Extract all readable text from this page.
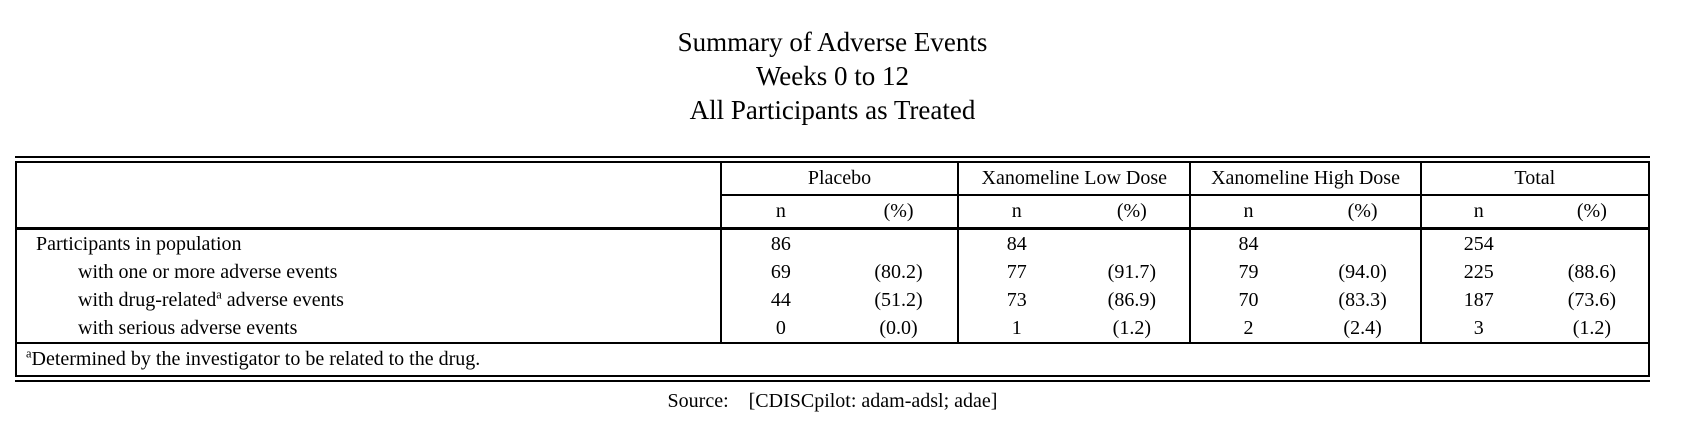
Summary of Adverse Events
Weeks 0 to 12
All Participants as Treated
	Placebo		Xanomeline Low Dose		Xanomeline High Dose		Total	
	n	(%)	n	(%)	n	(%)	n	(%)
Participants in population	86		84		84		254	
with one or more adverse events	69	(80.2)	77	(91.7)	79	(94.0)	225	(88.6)
with drug-related$^a$ adverse events	44	(51.2)	73	(86.9)	70	(83.3)	187	(73.6)
with serious adverse events	0	(0.0)	1	(1.2)	2	(2.4)	3	(1.2)
$^a$Determined by the investigator to be related to the drug.								
Source:    [CDISCpilot: adam-adsl; adae]
